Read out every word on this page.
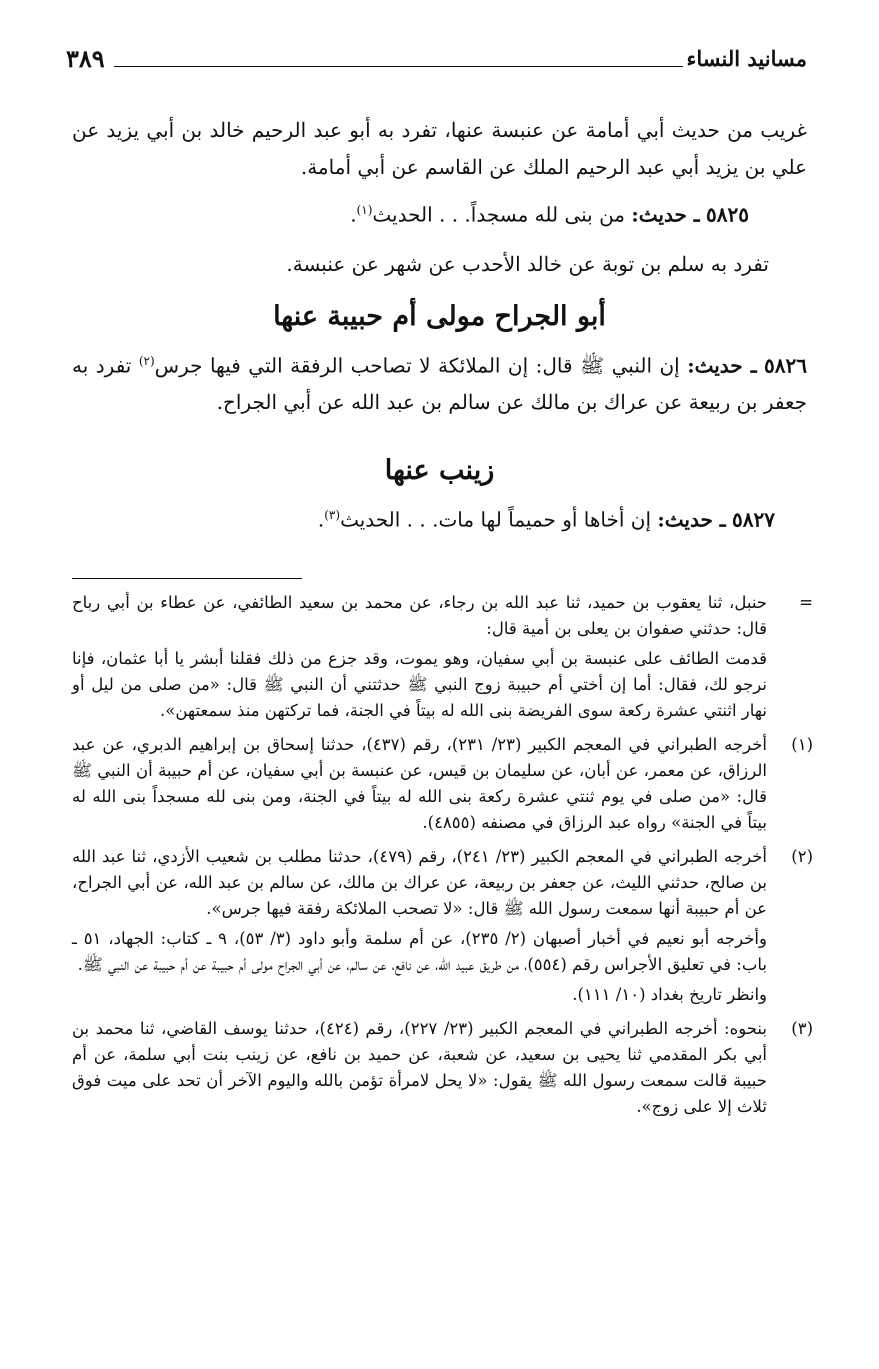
مسانيد النساء
٣٨٩

غريب من حديث أبي أمامة عن عنبسة عنها، تفرد به أبو عبد الرحيم خالد بن أبي يزيد عن علي بن يزيد أبي عبد الرحيم الملك عن القاسم عن أبي أمامة.

٥٨٢٥ ـ حديث: من بنى لله مسجداً. . . الحديث$^{(١)}$.

تفرد به سلم بن توبة عن خالد الأحدب عن شهر عن عنبسة.

أبو الجراح مولى أم حبيبة عنها

٥٨٢٦ ـ حديث: إن النبي ﷺ قال: إن الملائكة لا تصاحب الرفقة التي فيها جرس$^{(٢)}$ تفرد به جعفر بن ربيعة عن عراك بن مالك عن سالم بن عبد الله عن أبي الجراح.

زينب عنها

٥٨٢٧ ـ حديث: إن أخاها أو حميماً لها مات. . . الحديث$^{(٣)}$.

=

حنبل، ثنا يعقوب بن حميد، ثنا عبد الله بن رجاء، عن محمد بن سعيد الطائفي، عن عطاء بن أبي رباح قال: حدثني صفوان بن يعلى بن أمية قال:

قدمت الطائف على عنبسة بن أبي سفيان، وهو يموت، وقد جزع من ذلك فقلنا أبشر يا أبا عثمان، فإنا نرجو لك، فقال: أما إن أختي أم حبيبة زوج النبي ﷺ حدثتني أن النبي ﷺ قال: «من صلى من ليل أو نهار اثنتي عشرة ركعة سوى الفريضة بنى الله له بيتاً في الجنة، فما تركتهن منذ سمعتهن».

(١)

أخرجه الطبراني في المعجم الكبير (٢٣/ ٢٣١)، رقم (٤٣٧)، حدثنا إسحاق بن إبراهيم الدبري، عن عبد الرزاق، عن معمر، عن أبان، عن سليمان بن قيس، عن عنبسة بن أبي سفيان، عن أم حبيبة أن النبي ﷺ قال: «من صلى في يوم ثنتي عشرة ركعة بنى الله له بيتاً في الجنة، ومن بنى لله مسجداً بنى الله له بيتاً في الجنة» رواه عبد الرزاق في مصنفه (٤٨٥٥).

(٢)

أخرجه الطبراني في المعجم الكبير (٢٣/ ٢٤١)، رقم (٤٧٩)، حدثنا مطلب بن شعيب الأزدي، ثنا عبد الله بن صالح، حدثني الليث، عن جعفر بن ربيعة، عن عراك بن مالك، عن سالم بن عبد الله، عن أبي الجراح، عن أم حبيبة أنها سمعت رسول الله ﷺ قال: «لا تصحب الملائكة رفقة فيها جرس».

وأخرجه أبو نعيم في أخبار أصبهان (٢/ ٢٣٥)، عن أم سلمة وأبو داود (٣/ ٥٣)، ٩ ـ كتاب: الجهاد، ٥١ ـ باب: في تعليق الأجراس رقم (٥٥٤)، من طريق عبيد الله، عن نافع، عن سالم، عن أبي الجراح مولى أم حبيبة عن أم حبيبة عن النبي ﷺ.

وانظر تاريخ بغداد (١٠/ ١١١).

(٣)

بنحوه: أخرجه الطبراني في المعجم الكبير (٢٣/ ٢٢٧)، رقم (٤٢٤)، حدثنا يوسف القاضي، ثنا محمد بن أبي بكر المقدمي ثنا يحيى بن سعيد، عن شعبة، عن حميد بن نافع، عن زينب بنت أبي سلمة، عن أم حبيبة قالت سمعت رسول الله ﷺ يقول: «لا يحل لامرأة تؤمن بالله واليوم الآخر أن تحد على ميت فوق ثلاث إلا على زوج».
